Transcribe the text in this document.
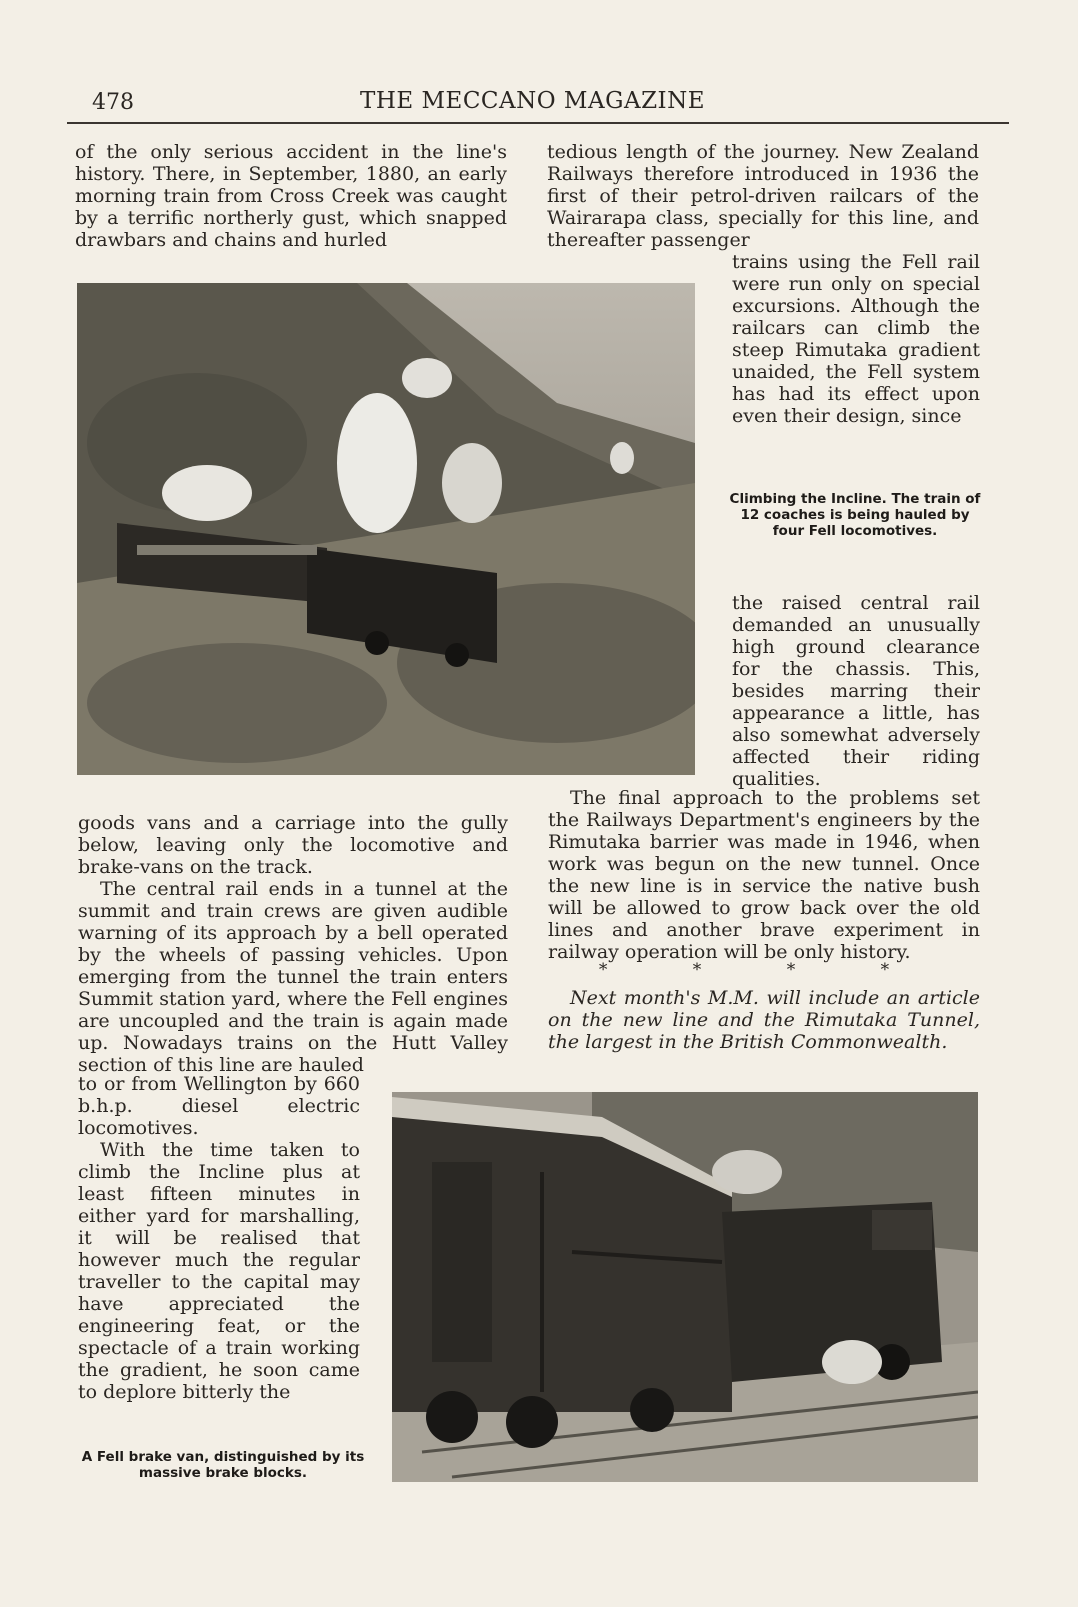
478	THE MECCANO MAGAZINE

of the only serious accident in the line's history. There, in September, 1880, an early morning train from Cross Creek was caught by a terrific northerly gust, which snapped drawbars and chains and hurled

tedious length of the journey. New Zealand Railways therefore introduced in 1936 the first of their petrol-driven railcars of the Wairarapa class, specially for this line, and thereafter passenger

trains using the Fell rail were run only on special excursions. Although the railcars can climb the steep Rimutaka gradient unaided, the Fell system has had its effect upon even their design, since

Climbing the Incline. The train of 12 coaches is being hauled by four Fell locomotives.

the raised central rail demanded an unusually high ground clearance for the chassis. This, besides marring their appearance a little, has also somewhat adversely affected their riding qualities.

goods vans and a carriage into the gully below, leaving only the locomotive and brake-vans on the track.

The central rail ends in a tunnel at the summit and train crews are given audible warning of its approach by a bell operated by the wheels of passing vehicles. Upon emerging from the tunnel the train enters Summit station yard, where the Fell engines are uncoupled and the train is again made up. Nowadays trains on the Hutt Valley section of this line are hauled

The final approach to the problems set the Railways Department's engineers by the Rimutaka barrier was made in 1946, when work was begun on the new tunnel. Once the new line is in service the native bush will be allowed to grow back over the old lines and another brave experiment in railway operation will be only history.

* * * *

Next month's M.M. will include an article on the new line and the Rimutaka Tunnel, the largest in the British Commonwealth.

to or from Wellington by 660 b.h.p. diesel electric locomotives.

With the time taken to climb the Incline plus at least fifteen minutes in either yard for marshalling, it will be realised that however much the regular traveller to the capital may have appreciated the engineering feat, or the spectacle of a train working the gradient, he soon came to deplore bitterly the

A Fell brake van, distinguished by its massive brake blocks.
